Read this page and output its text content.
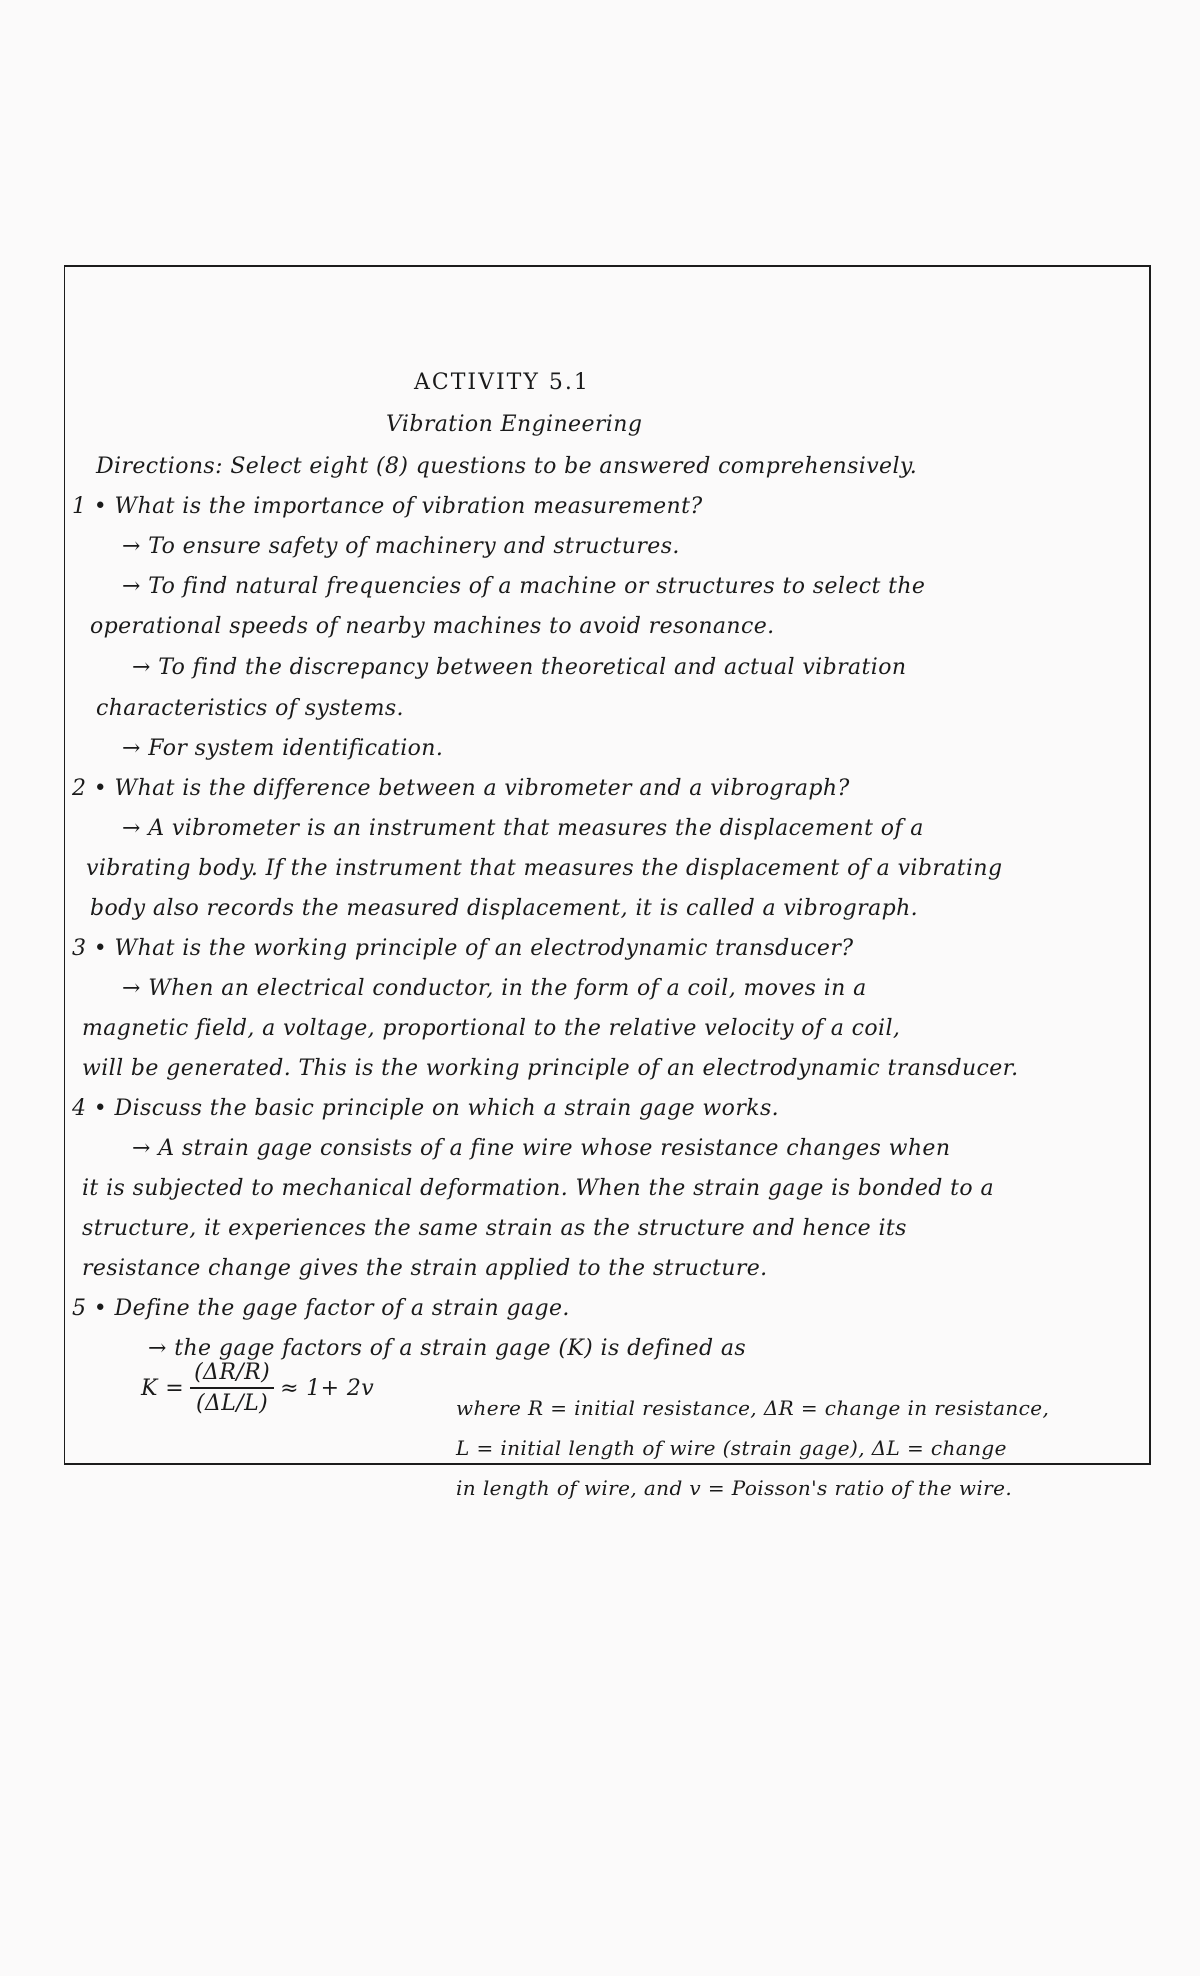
ACTIVITY 5.1
Vibration Engineering
Directions: Select eight (8) questions to be answered comprehensively.
1 • What is the importance of vibration measurement?
→ To ensure safety of machinery and structures.
→ To find natural frequencies of a machine or structures to select the
operational speeds of nearby machines to avoid resonance.
→ To find the discrepancy between theoretical and actual vibration
characteristics of systems.
→ For system identification.
2 • What is the difference between a vibrometer and a vibrograph?
→ A vibrometer is an instrument that measures the displacement of a
vibrating body. If the instrument that measures the displacement of a vibrating
body also records the measured displacement, it is called a vibrograph.
3 • What is the working principle of an electrodynamic transducer?
→ When an electrical conductor, in the form of a coil, moves in a
magnetic field, a voltage, proportional to the relative velocity of a coil,
will be generated. This is the working principle of an electrodynamic transducer.
4 • Discuss the basic principle on which a strain gage works.
→ A strain gage consists of a fine wire whose resistance changes when
it is subjected to mechanical deformation. When the strain gage is bonded to a
structure, it experiences the same strain as the structure and hence its
resistance change gives the strain applied to the structure.
5 • Define the gage factor of a strain gage.
→ the gage factors of a strain gage (K) is defined as
$K = \frac{(\Delta R/R)}{(\Delta L/L)} \approx 1+ 2v$
where R = initial resistance, ΔR = change in resistance,
L = initial length of wire (strain gage), ΔL = change
in length of wire, and v = Poisson's ratio of the wire.
